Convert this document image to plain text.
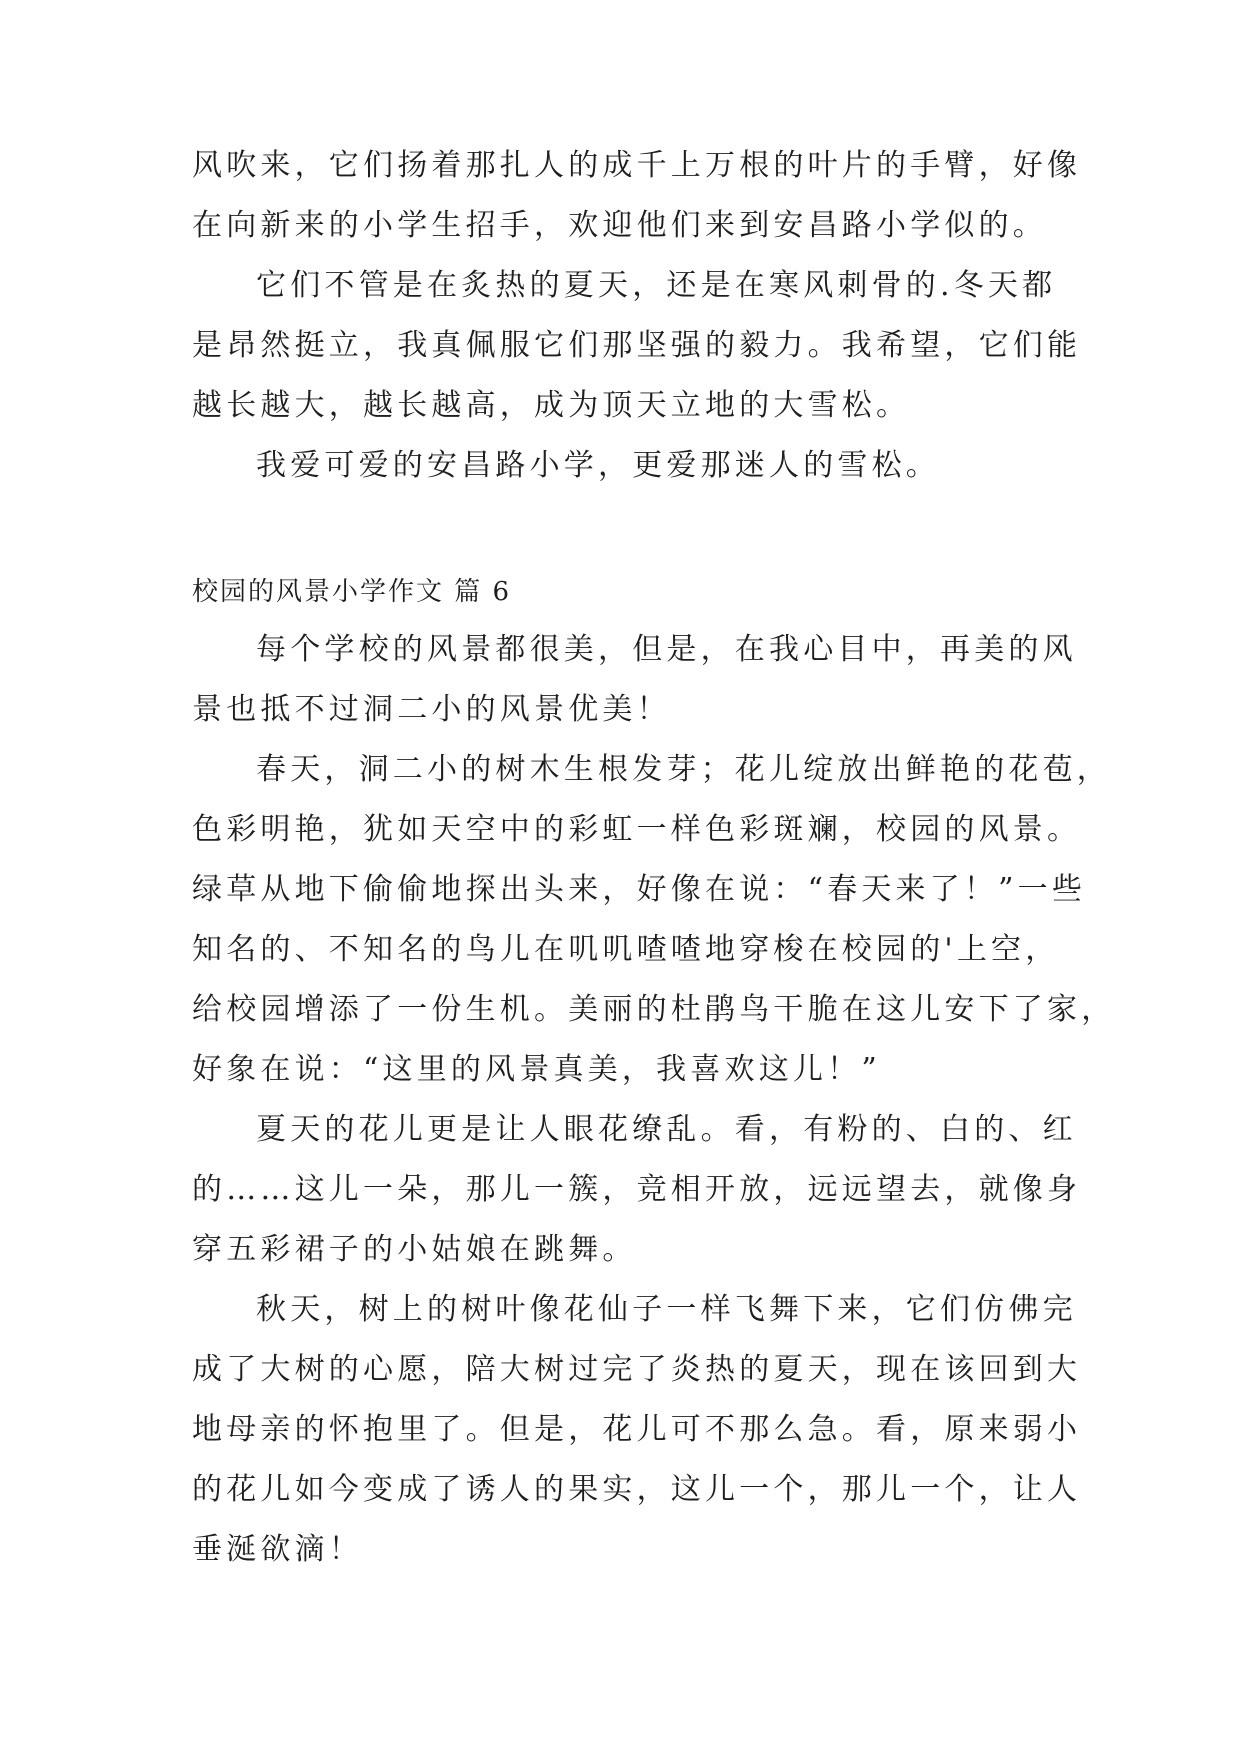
风吹来，它们扬着那扎人的成千上万根的叶片的手臂，好像
在向新来的小学生招手，欢迎他们来到安昌路小学似的。
它们不管是在炙热的夏天，还是在寒风刺骨的.冬天都
是昂然挺立，我真佩服它们那坚强的毅力。我希望，它们能
越长越大，越长越高，成为顶天立地的大雪松。
我爱可爱的安昌路小学，更爱那迷人的雪松。
校园的风景小学作文 篇 6
每个学校的风景都很美，但是，在我心目中，再美的风
景也抵不过洞二小的风景优美！
春天，洞二小的树木生根发芽；花儿绽放出鲜艳的花苞，
色彩明艳，犹如天空中的彩虹一样色彩斑斓，校园的风景。
绿草从地下偷偷地探出头来，好像在说：“春天来了！”一些
知名的、不知名的鸟儿在叽叽喳喳地穿梭在校园的'上空，
给校园增添了一份生机。美丽的杜鹃鸟干脆在这儿安下了家，
好象在说：“这里的风景真美，我喜欢这儿！”
夏天的花儿更是让人眼花缭乱。看，有粉的、白的、红
的……这儿一朵，那儿一簇，竞相开放，远远望去，就像身
穿五彩裙子的小姑娘在跳舞。
秋天，树上的树叶像花仙子一样飞舞下来，它们仿佛完
成了大树的心愿，陪大树过完了炎热的夏天，现在该回到大
地母亲的怀抱里了。但是，花儿可不那么急。看，原来弱小
的花儿如今变成了诱人的果实，这儿一个，那儿一个，让人
垂涎欲滴！
